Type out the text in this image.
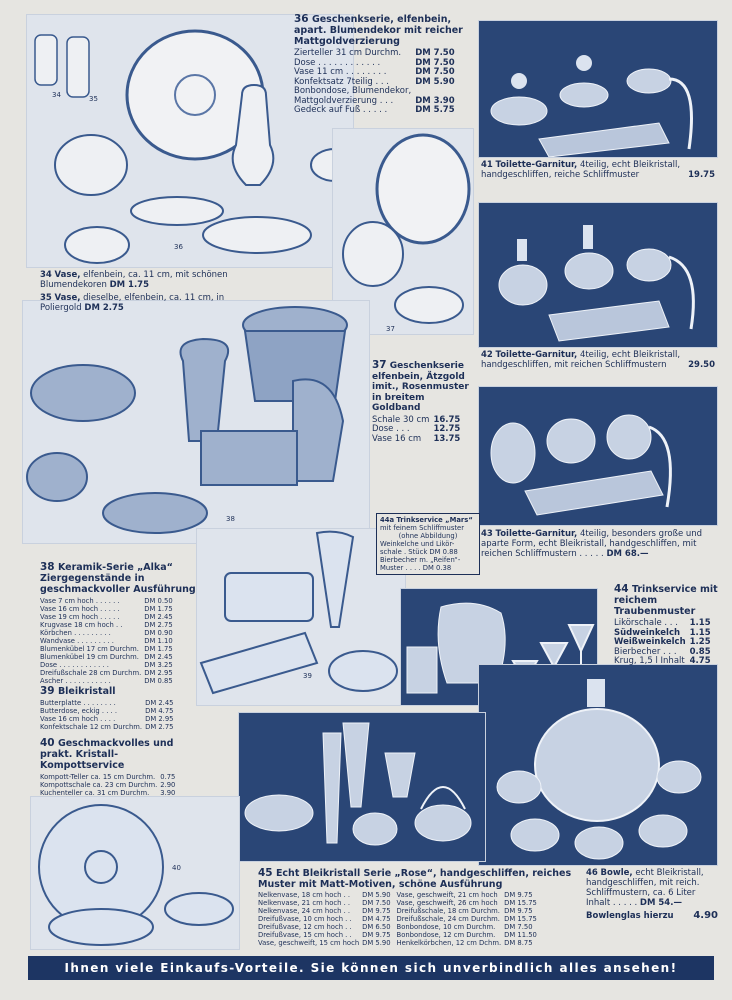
34	35
36
37
38
39
40
36 Geschenkserie, elfenbein, apart. Blumendekor mit reicher Mattgoldverzierung
Zierteller 31 cm Durchm.	DM 7.50
Dose . . . . . . . . . . . .	DM 7.50
Vase 11 cm . . . . . . . .	DM 7.50
Konfektsatz 7teilig . . .	DM 5.90
Bonbondose, Blumendekor,	
Mattgoldverzierung . . .	DM 3.90
Gedeck auf Fuß . . . . .	DM 5.75
41 Toilette-Garnitur, 4teilig, echt Bleikristall, handgeschliffen, reiche Schliffmuster	19.75
34 Vase, elfenbein, ca. 11 cm, mit schönen Blumendekoren DM 1.75
35 Vase, dieselbe, elfenbein, ca. 11 cm, in Poliergold DM 2.75
42 Toilette-Garnitur, 4teilig, echt Bleikristall, handgeschliffen, mit reichen Schliffmustern	29.50
37 Geschenkserie elfenbein, Ätzgold imit., Rosenmuster in breitem Goldband
Schale 30 cm	16.75
Dose . . .	12.75
Vase 16 cm	13.75
44a Trinkservice „Mars“
mit feinem Schliffmuster
(ohne Abbildung)
Weinkelche und Likör-
schale . Stück DM 0.88
Bierbecher m. „Reifen“-
Muster . . . . DM 0.38
43 Toilette-Garnitur, 4teilig, besonders große und aparte Form, echt Bleikristall, handgeschliffen, mit reichen Schliffmustern . . . . . DM 68.—
38 Keramik-Serie „Alka“ Ziergegenstände in geschmackvoller Ausführung
Vase 7 cm hoch . . . . . .	DM 0.50
Vase 16 cm hoch . . . . .	DM 1.75
Vase 19 cm hoch . . . . .	DM 2.45
Krugvase 18 cm hoch . .	DM 2.75
Körbchen . . . . . . . . .	DM 0.90
Wandvase . . . . . . . . .	DM 1.10
Blumenkübel 17 cm Durchm.	DM 1.75
Blumenkübel 19 cm Durchm.	DM 2.45
Dose . . . . . . . . . . . .	DM 3.25
Dreifußschale 28 cm Durchm.	DM 2.95
Ascher . . . . . . . . . . .	DM 0.85
44 Trinkservice mit reichem Traubenmuster
Likörschale . . .	1.15
Südweinkelch	1.15
Weißweinkelch	1.25
Bierbecher . . .	0.85
Krug, 1,5 l Inhalt	4.75
39 Bleikristall
Butterplatte . . . . . . . .	DM 2.45
Butterdose, eckig . . . .	DM 4.75
Vase 16 cm hoch . . . .	DM 2.95
Konfektschale 12 cm Durchm.	DM 2.75
40 Geschmackvolles und prakt. Kristall-Kompottservice
Kompott-Teller ca. 15 cm Durchm.	0.75
Kompottschale ca. 23 cm Durchm.	2.90
Kuchenteller ca. 31 cm Durchm.	3.90
45 Echt Bleikristall Serie „Rose“, handgeschliffen, reiches Muster mit Matt-Motiven, schöne Ausführung
Nelkenvase, 18 cm hoch . .	DM 5.90
Nelkenvase, 21 cm hoch . .	DM 7.50
Nelkenvase, 24 cm hoch . .	DM 9.75
Dreifußvase, 10 cm hoch . .	DM 4.75
Dreifußvase, 12 cm hoch . .	DM 6.50
Dreifußvase, 15 cm hoch . .	DM 9.75
Vase, geschweift, 15 cm hoch	DM 5.90
Vase, geschweift, 21 cm hoch	DM 9.75
Vase, geschweift, 26 cm hoch	DM 15.75
Dreifußschale, 18 cm Durchm.	DM 9.75
Dreifußschale, 24 cm Durchm.	DM 15.75
Bonbondose, 10 cm Durchm.	DM 7.50
Bonbondose, 12 cm Durchm.	DM 11.50
Henkelkörbchen, 12 cm Dchm.	DM 8.75
46 Bowle, echt Bleikristall, handgeschliffen, mit reich. Schliffmustern, ca. 6 Liter Inhalt . . . . . DM 54.—
Bowlenglas hierzu 4.90
Ihnen viele Einkaufs-Vorteile. Sie können sich unverbindlich alles ansehen!
